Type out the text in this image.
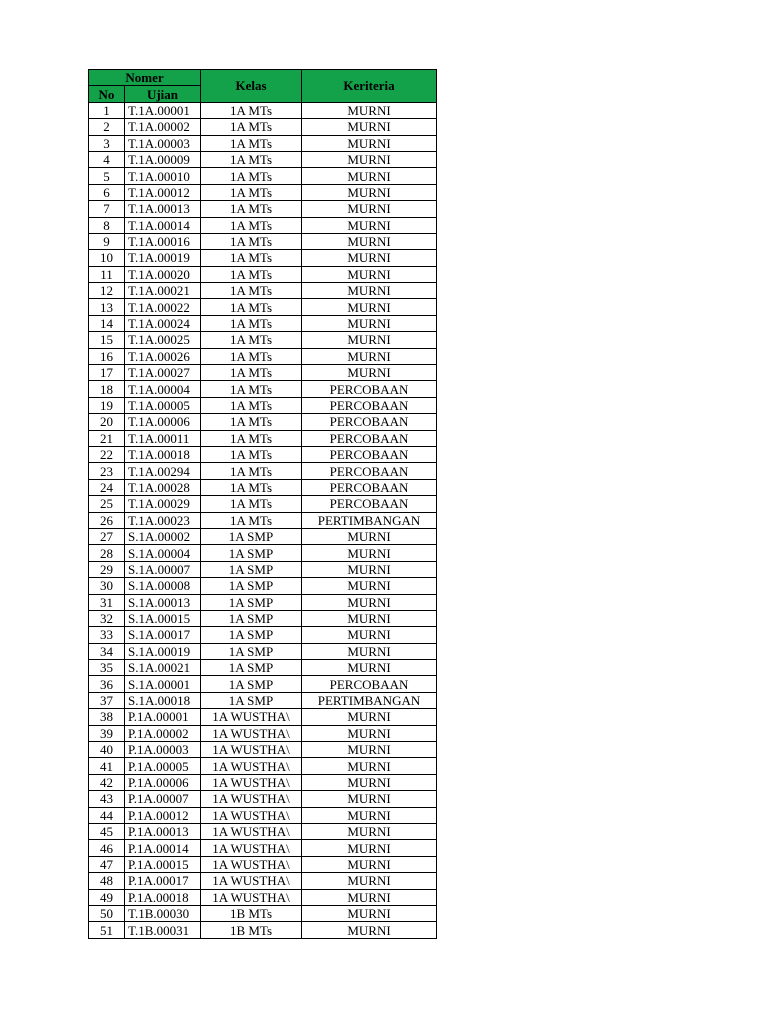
Nomer		Kelas	Keriteria
No	Ujian		
1	T.1A.00001	1A MTs	MURNI
2	T.1A.00002	1A MTs	MURNI
3	T.1A.00003	1A MTs	MURNI
4	T.1A.00009	1A MTs	MURNI
5	T.1A.00010	1A MTs	MURNI
6	T.1A.00012	1A MTs	MURNI
7	T.1A.00013	1A MTs	MURNI
8	T.1A.00014	1A MTs	MURNI
9	T.1A.00016	1A MTs	MURNI
10	T.1A.00019	1A MTs	MURNI
11	T.1A.00020	1A MTs	MURNI
12	T.1A.00021	1A MTs	MURNI
13	T.1A.00022	1A MTs	MURNI
14	T.1A.00024	1A MTs	MURNI
15	T.1A.00025	1A MTs	MURNI
16	T.1A.00026	1A MTs	MURNI
17	T.1A.00027	1A MTs	MURNI
18	T.1A.00004	1A MTs	PERCOBAAN
19	T.1A.00005	1A MTs	PERCOBAAN
20	T.1A.00006	1A MTs	PERCOBAAN
21	T.1A.00011	1A MTs	PERCOBAAN
22	T.1A.00018	1A MTs	PERCOBAAN
23	T.1A.00294	1A MTs	PERCOBAAN
24	T.1A.00028	1A MTs	PERCOBAAN
25	T.1A.00029	1A MTs	PERCOBAAN
26	T.1A.00023	1A MTs	PERTIMBANGAN
27	S.1A.00002	1A SMP	MURNI
28	S.1A.00004	1A SMP	MURNI
29	S.1A.00007	1A SMP	MURNI
30	S.1A.00008	1A SMP	MURNI
31	S.1A.00013	1A SMP	MURNI
32	S.1A.00015	1A SMP	MURNI
33	S.1A.00017	1A SMP	MURNI
34	S.1A.00019	1A SMP	MURNI
35	S.1A.00021	1A SMP	MURNI
36	S.1A.00001	1A SMP	PERCOBAAN
37	S.1A.00018	1A SMP	PERTIMBANGAN
38	P.1A.00001	1A WUSTHA\	MURNI
39	P.1A.00002	1A WUSTHA\	MURNI
40	P.1A.00003	1A WUSTHA\	MURNI
41	P.1A.00005	1A WUSTHA\	MURNI
42	P.1A.00006	1A WUSTHA\	MURNI
43	P.1A.00007	1A WUSTHA\	MURNI
44	P.1A.00012	1A WUSTHA\	MURNI
45	P.1A.00013	1A WUSTHA\	MURNI
46	P.1A.00014	1A WUSTHA\	MURNI
47	P.1A.00015	1A WUSTHA\	MURNI
48	P.1A.00017	1A WUSTHA\	MURNI
49	P.1A.00018	1A WUSTHA\	MURNI
50	T.1B.00030	1B MTs	MURNI
51	T.1B.00031	1B MTs	MURNI
